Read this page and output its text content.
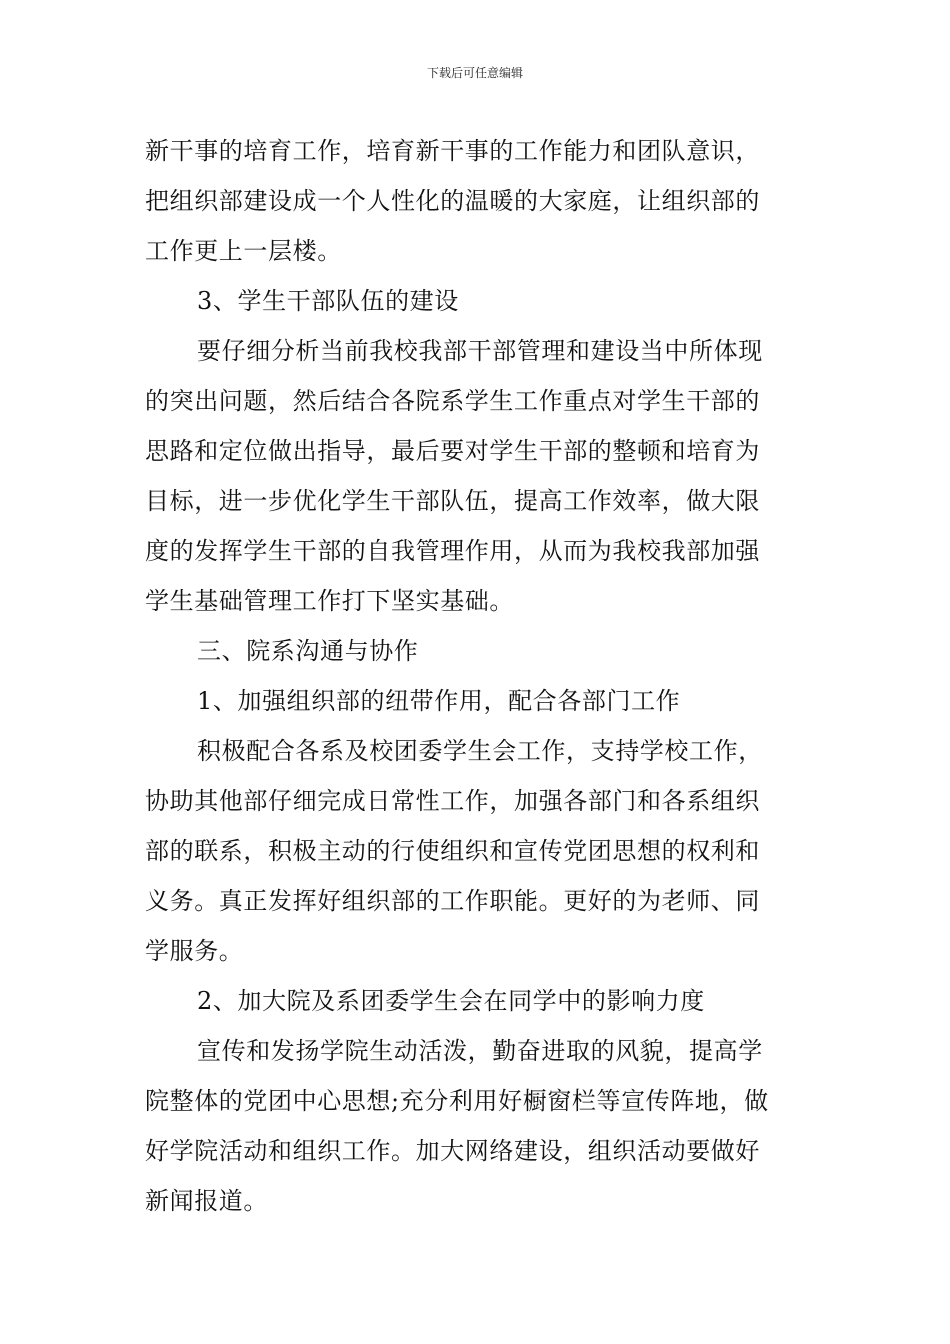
下载后可任意编辑
新干事的培育工作，培育新干事的工作能力和团队意识，
把组织部建设成一个人性化的温暖的大家庭，让组织部的
工作更上一层楼。
3、学生干部队伍的建设
要仔细分析当前我校我部干部管理和建设当中所体现
的突出问题，然后结合各院系学生工作重点对学生干部的
思路和定位做出指导，最后要对学生干部的整顿和培育为
目标，进一步优化学生干部队伍，提高工作效率，做大限
度的发挥学生干部的自我管理作用，从而为我校我部加强
学生基础管理工作打下坚实基础。
三、院系沟通与协作
1、加强组织部的纽带作用，配合各部门工作
积极配合各系及校团委学生会工作，支持学校工作，
协助其他部仔细完成日常性工作，加强各部门和各系组织
部的联系，积极主动的行使组织和宣传党团思想的权利和
义务。真正发挥好组织部的工作职能。更好的为老师、同
学服务。
2、加大院及系团委学生会在同学中的影响力度
宣传和发扬学院生动活泼，勤奋进取的风貌，提高学
院整体的党团中心思想;充分利用好橱窗栏等宣传阵地，做
好学院活动和组织工作。加大网络建设，组织活动要做好
新闻报道。
